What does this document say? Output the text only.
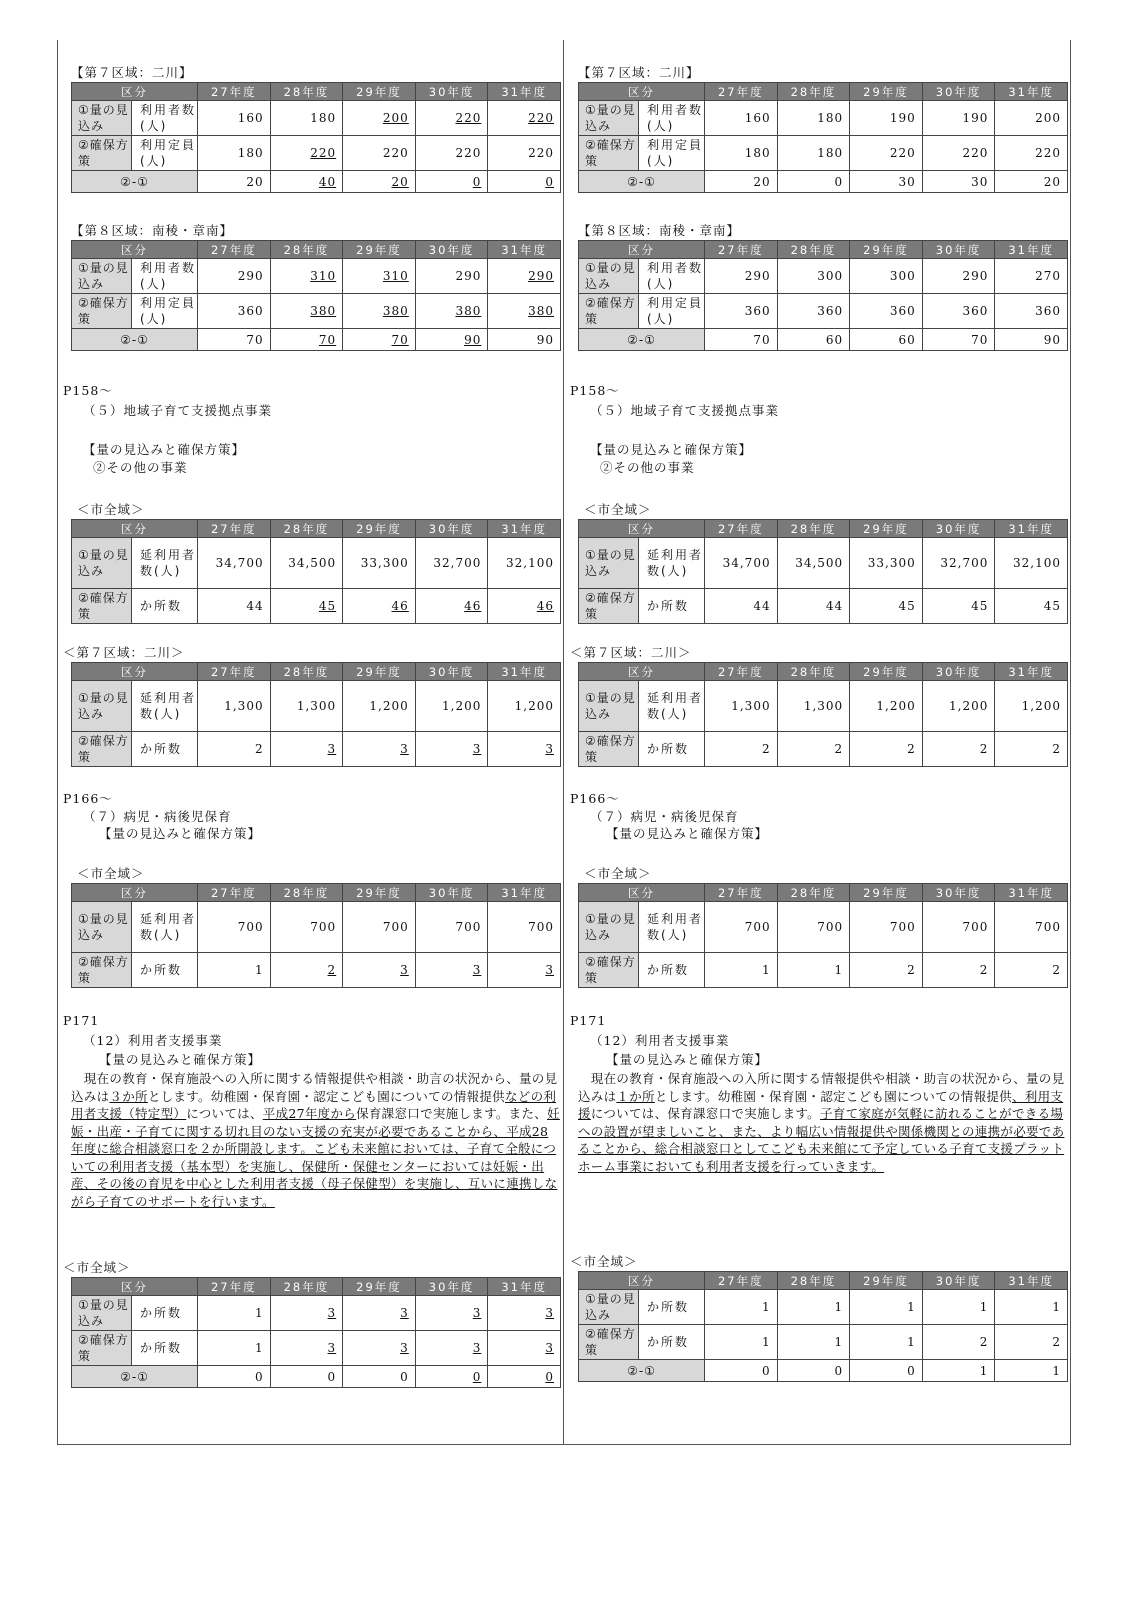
【第７区域：二川】
区分		27年度	28年度	29年度	30年度	31年度
①量の見込み	利用者数(人)	160	180	200	220	220
②確保方策	利用定員(人)	180	220	220	220	220
②-①		20	40	20	0	0
【第８区域：南稜・章南】
区分		27年度	28年度	29年度	30年度	31年度
①量の見込み	利用者数(人)	290	310	310	290	290
②確保方策	利用定員(人)	360	380	380	380	380
②-①		70	70	70	90	90
P158～
（５）地域子育て支援拠点事業
【量の見込みと確保方策】
②その他の事業
＜市全域＞
区分		27年度	28年度	29年度	30年度	31年度
①量の見込み	延利用者数(人)	34,700	34,500	33,300	32,700	32,100
②確保方策	か所数	44	45	46	46	46
＜第７区域：二川＞
区分		27年度	28年度	29年度	30年度	31年度
①量の見込み	延利用者数(人)	1,300	1,300	1,200	1,200	1,200
②確保方策	か所数	2	3	3	3	3
P166～
（７）病児・病後児保育
【量の見込みと確保方策】
＜市全域＞
区分		27年度	28年度	29年度	30年度	31年度
①量の見込み	延利用者数(人)	700	700	700	700	700
②確保方策	か所数	1	2	3	3	3
P171
（12）利用者支援事業
【量の見込みと確保方策】
　現在の教育・保育施設への入所に関する情報提供や相談・助言の状況から、量の見込みは３か所とします。幼稚園・保育園・認定こども園についての情報提供などの利用者支援（特定型）については、平成27年度から保育課窓口で実施します。また、妊娠・出産・子育てに関する切れ目のない支援の充実が必要であることから、平成28年度に総合相談窓口を２か所開設します。こども未来館においては、子育て全般についての利用者支援（基本型）を実施し、保健所・保健センターにおいては妊娠・出産、その後の育児を中心とした利用者支援（母子保健型）を実施し、互いに連携しながら子育てのサポートを行います。
＜市全域＞
区分		27年度	28年度	29年度	30年度	31年度
①量の見込み	か所数	1	3	3	3	3
②確保方策	か所数	1	3	3	3	3
②-①		0	0	0	0	0
【第７区域：二川】
区分		27年度	28年度	29年度	30年度	31年度
①量の見込み	利用者数(人)	160	180	190	190	200
②確保方策	利用定員(人)	180	180	220	220	220
②-①		20	0	30	30	20
【第８区域：南稜・章南】
区分		27年度	28年度	29年度	30年度	31年度
①量の見込み	利用者数(人)	290	300	300	290	270
②確保方策	利用定員(人)	360	360	360	360	360
②-①		70	60	60	70	90
P158～
（５）地域子育て支援拠点事業
【量の見込みと確保方策】
②その他の事業
＜市全域＞
区分		27年度	28年度	29年度	30年度	31年度
①量の見込み	延利用者数(人)	34,700	34,500	33,300	32,700	32,100
②確保方策	か所数	44	44	45	45	45
＜第７区域：二川＞
区分		27年度	28年度	29年度	30年度	31年度
①量の見込み	延利用者数(人)	1,300	1,300	1,200	1,200	1,200
②確保方策	か所数	2	2	2	2	2
P166～
（７）病児・病後児保育
【量の見込みと確保方策】
＜市全域＞
区分		27年度	28年度	29年度	30年度	31年度
①量の見込み	延利用者数(人)	700	700	700	700	700
②確保方策	か所数	1	1	2	2	2
P171
（12）利用者支援事業
【量の見込みと確保方策】
　現在の教育・保育施設への入所に関する情報提供や相談・助言の状況から、量の見込みは１か所とします。幼稚園・保育園・認定こども園についての情報提供、利用支援については、保育課窓口で実施します。子育て家庭が気軽に訪れることができる場への設置が望ましいこと、また、より幅広い情報提供や関係機関との連携が必要であることから、総合相談窓口としてこども未来館にて予定している子育て支援プラットホーム事業においても利用者支援を行っていきます。
＜市全域＞
区分		27年度	28年度	29年度	30年度	31年度
①量の見込み	か所数	1	1	1	1	1
②確保方策	か所数	1	1	1	2	2
②-①		0	0	0	1	1
